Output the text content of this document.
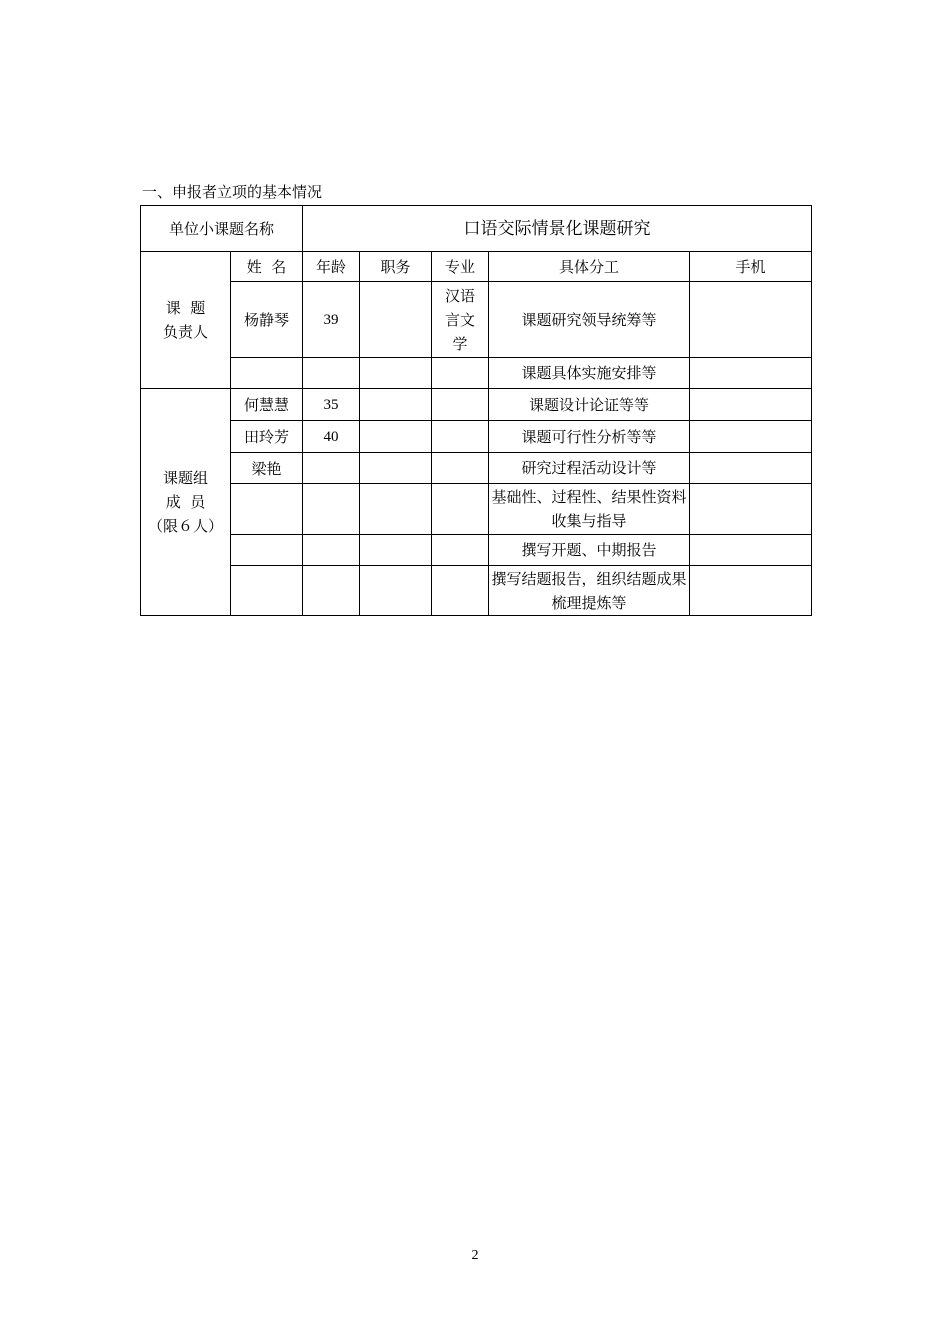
一、申报者立项的基本情况
单位小课题名称		口语交际情景化课题研究				

课  题
负责人	姓  名	年龄	职务	专业	具体分工	手机
	杨静琴	39		汉语言文学	课题研究领导统筹等	
					课题具体实施安排等	

课题组
成  员
（限６人）	何慧慧	35			课题设计论证等等	
	田玲芳	40			课题可行性分析等等	
	梁艳				研究过程活动设计等	
					基础性、过程性、结果性资料收集与指导	
					撰写开题、中期报告	
					撰写结题报告，组织结题成果梳理提炼等	
2
